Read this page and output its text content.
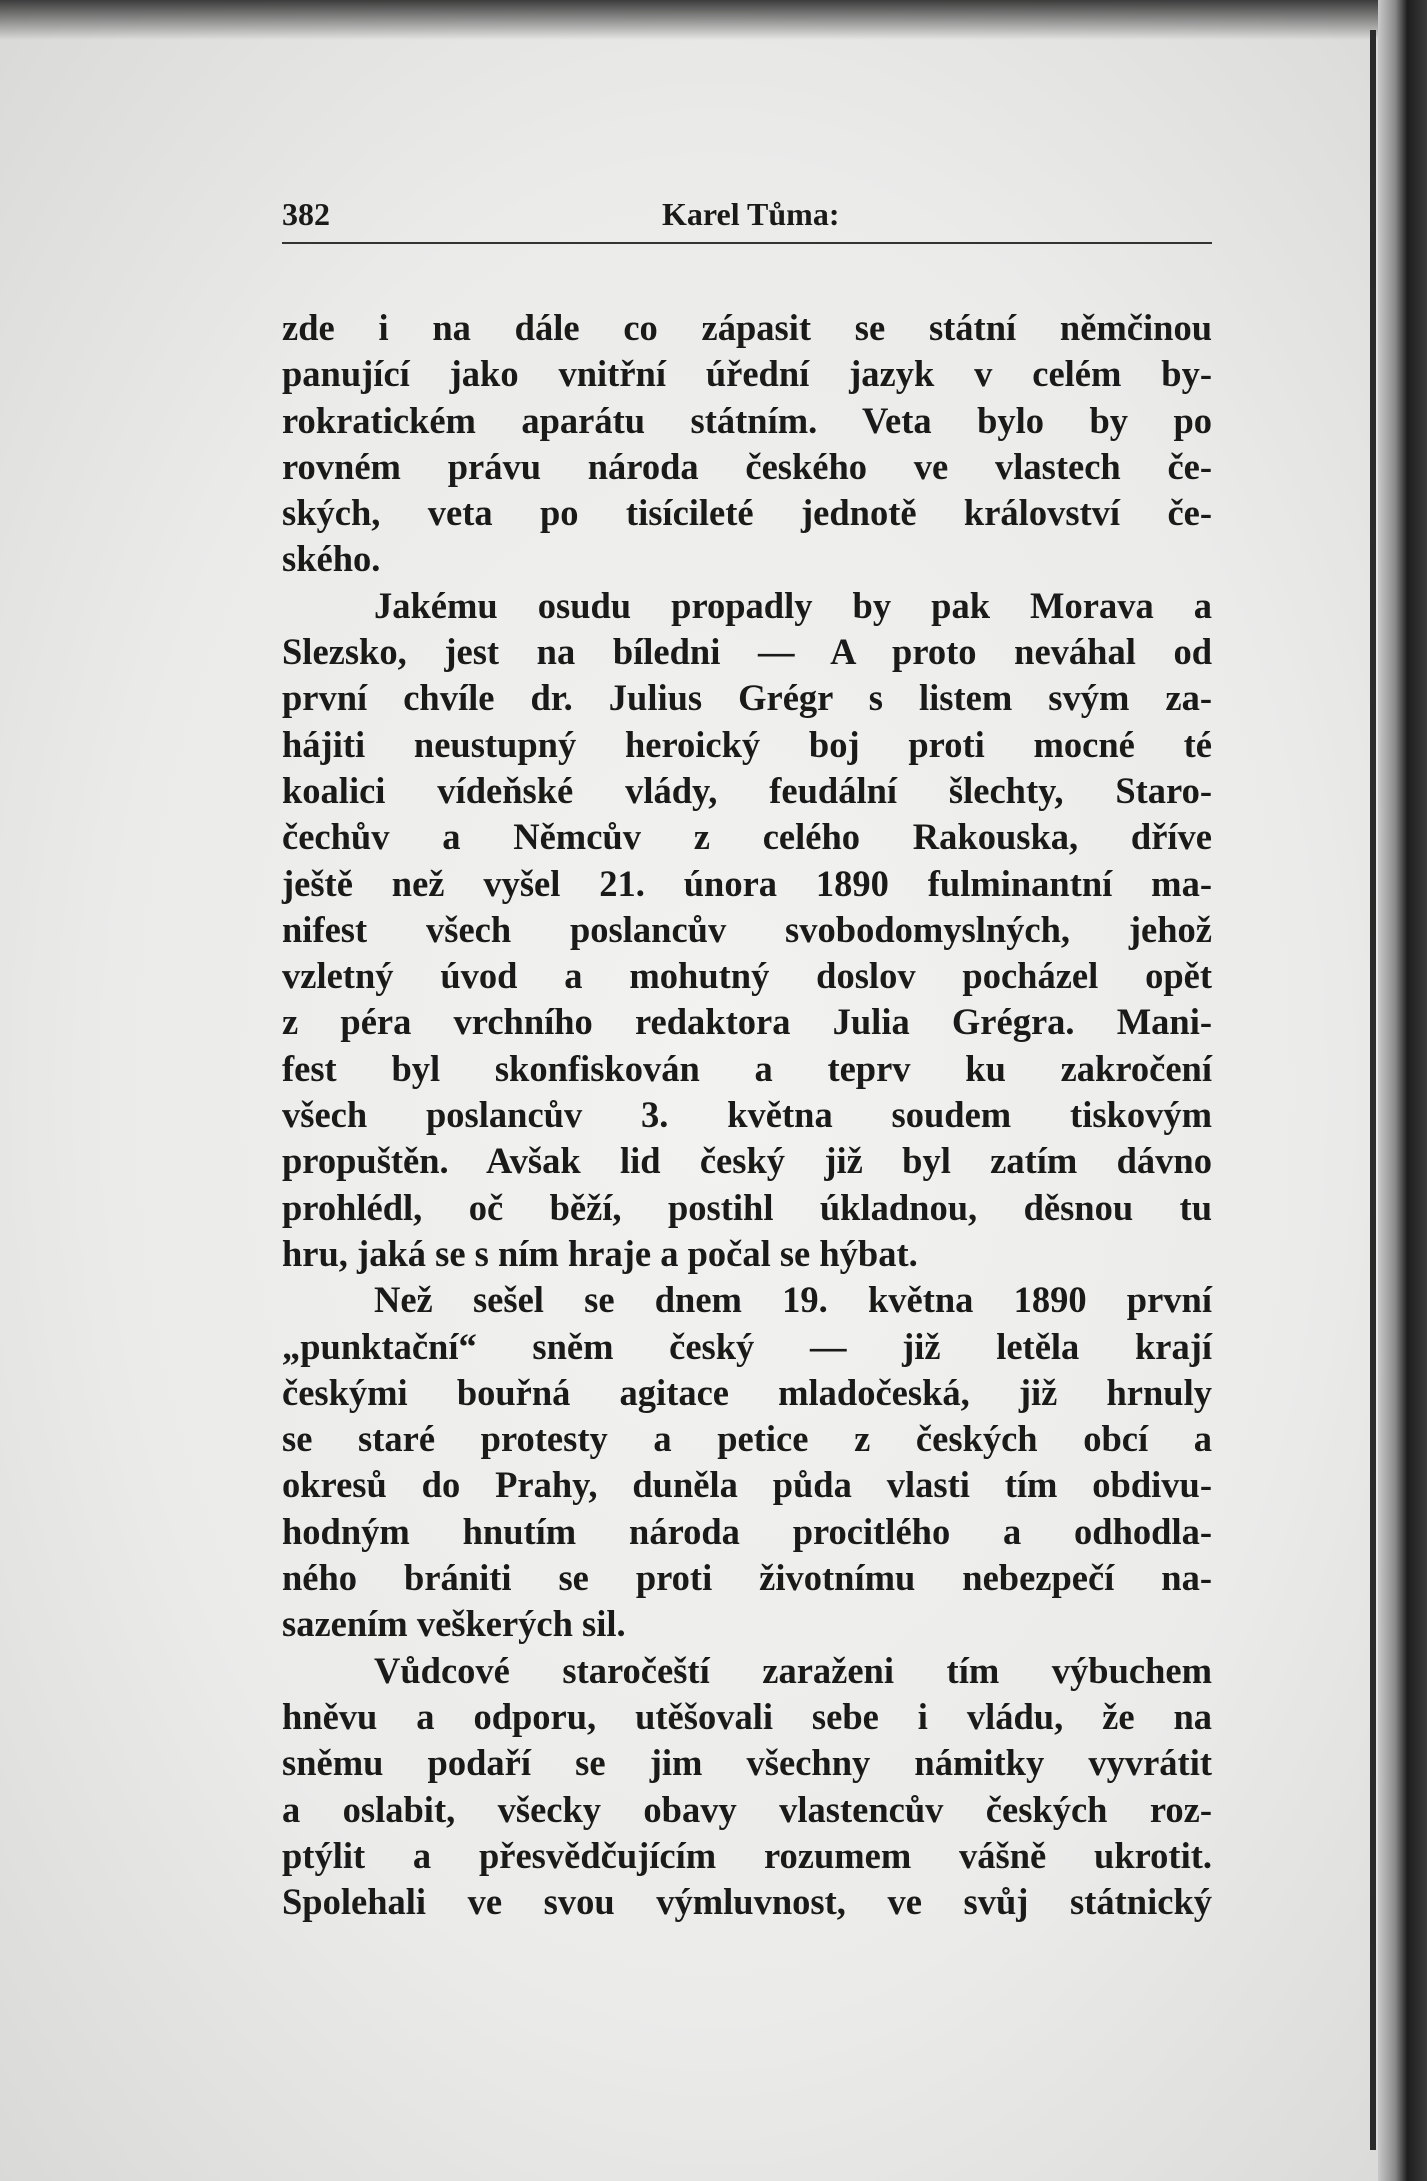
382	Karel Tůma:
zde i na dále co zápasit se státní němčinou
panující jako vnitřní úřední jazyk v celém by-
rokratickém aparátu státním. Veta bylo by po
rovném právu národa českého ve vlastech če-
ských, veta po tisícileté jednotě království če-
ského.
Jakému osudu propadly by pak Morava a
Slezsko, jest na bíledni — A proto neváhal od
první chvíle dr. Julius Grégr s listem svým za-
hájiti neustupný heroický boj proti mocné té
koalici vídeňské vlády, feudální šlechty, Staro-
čechův a Němcův z celého Rakouska, dříve
ještě než vyšel 21. února 1890 fulminantní ma-
nifest všech poslancův svobodomyslných, jehož
vzletný úvod a mohutný doslov pocházel opět
z péra vrchního redaktora Julia Grégra. Mani-
fest byl skonfiskován a teprv ku zakročení
všech poslancův 3. května soudem tiskovým
propuštěn. Avšak lid český již byl zatím dávno
prohlédl, oč běží, postihl úkladnou, děsnou tu
hru, jaká se s ním hraje a počal se hýbat.
Než sešel se dnem 19. května 1890 první
„punktační“ sněm český — již letěla krají
českými bouřná agitace mladočeská, již hrnuly
se staré protesty a petice z českých obcí a
okresů do Prahy, duněla půda vlasti tím obdivu-
hodným hnutím národa procitlého a odhodla-
ného brániti se proti životnímu nebezpečí na-
sazením veškerých sil.
Vůdcové staročeští zaraženi tím výbuchem
hněvu a odporu, utěšovali sebe i vládu, že na
sněmu podaří se jim všechny námitky vyvrátit
a oslabit, všecky obavy vlastencův českých roz-
ptýlit a přesvědčujícím rozumem vášně ukrotit.
Spolehali ve svou výmluvnost, ve svůj státnický
